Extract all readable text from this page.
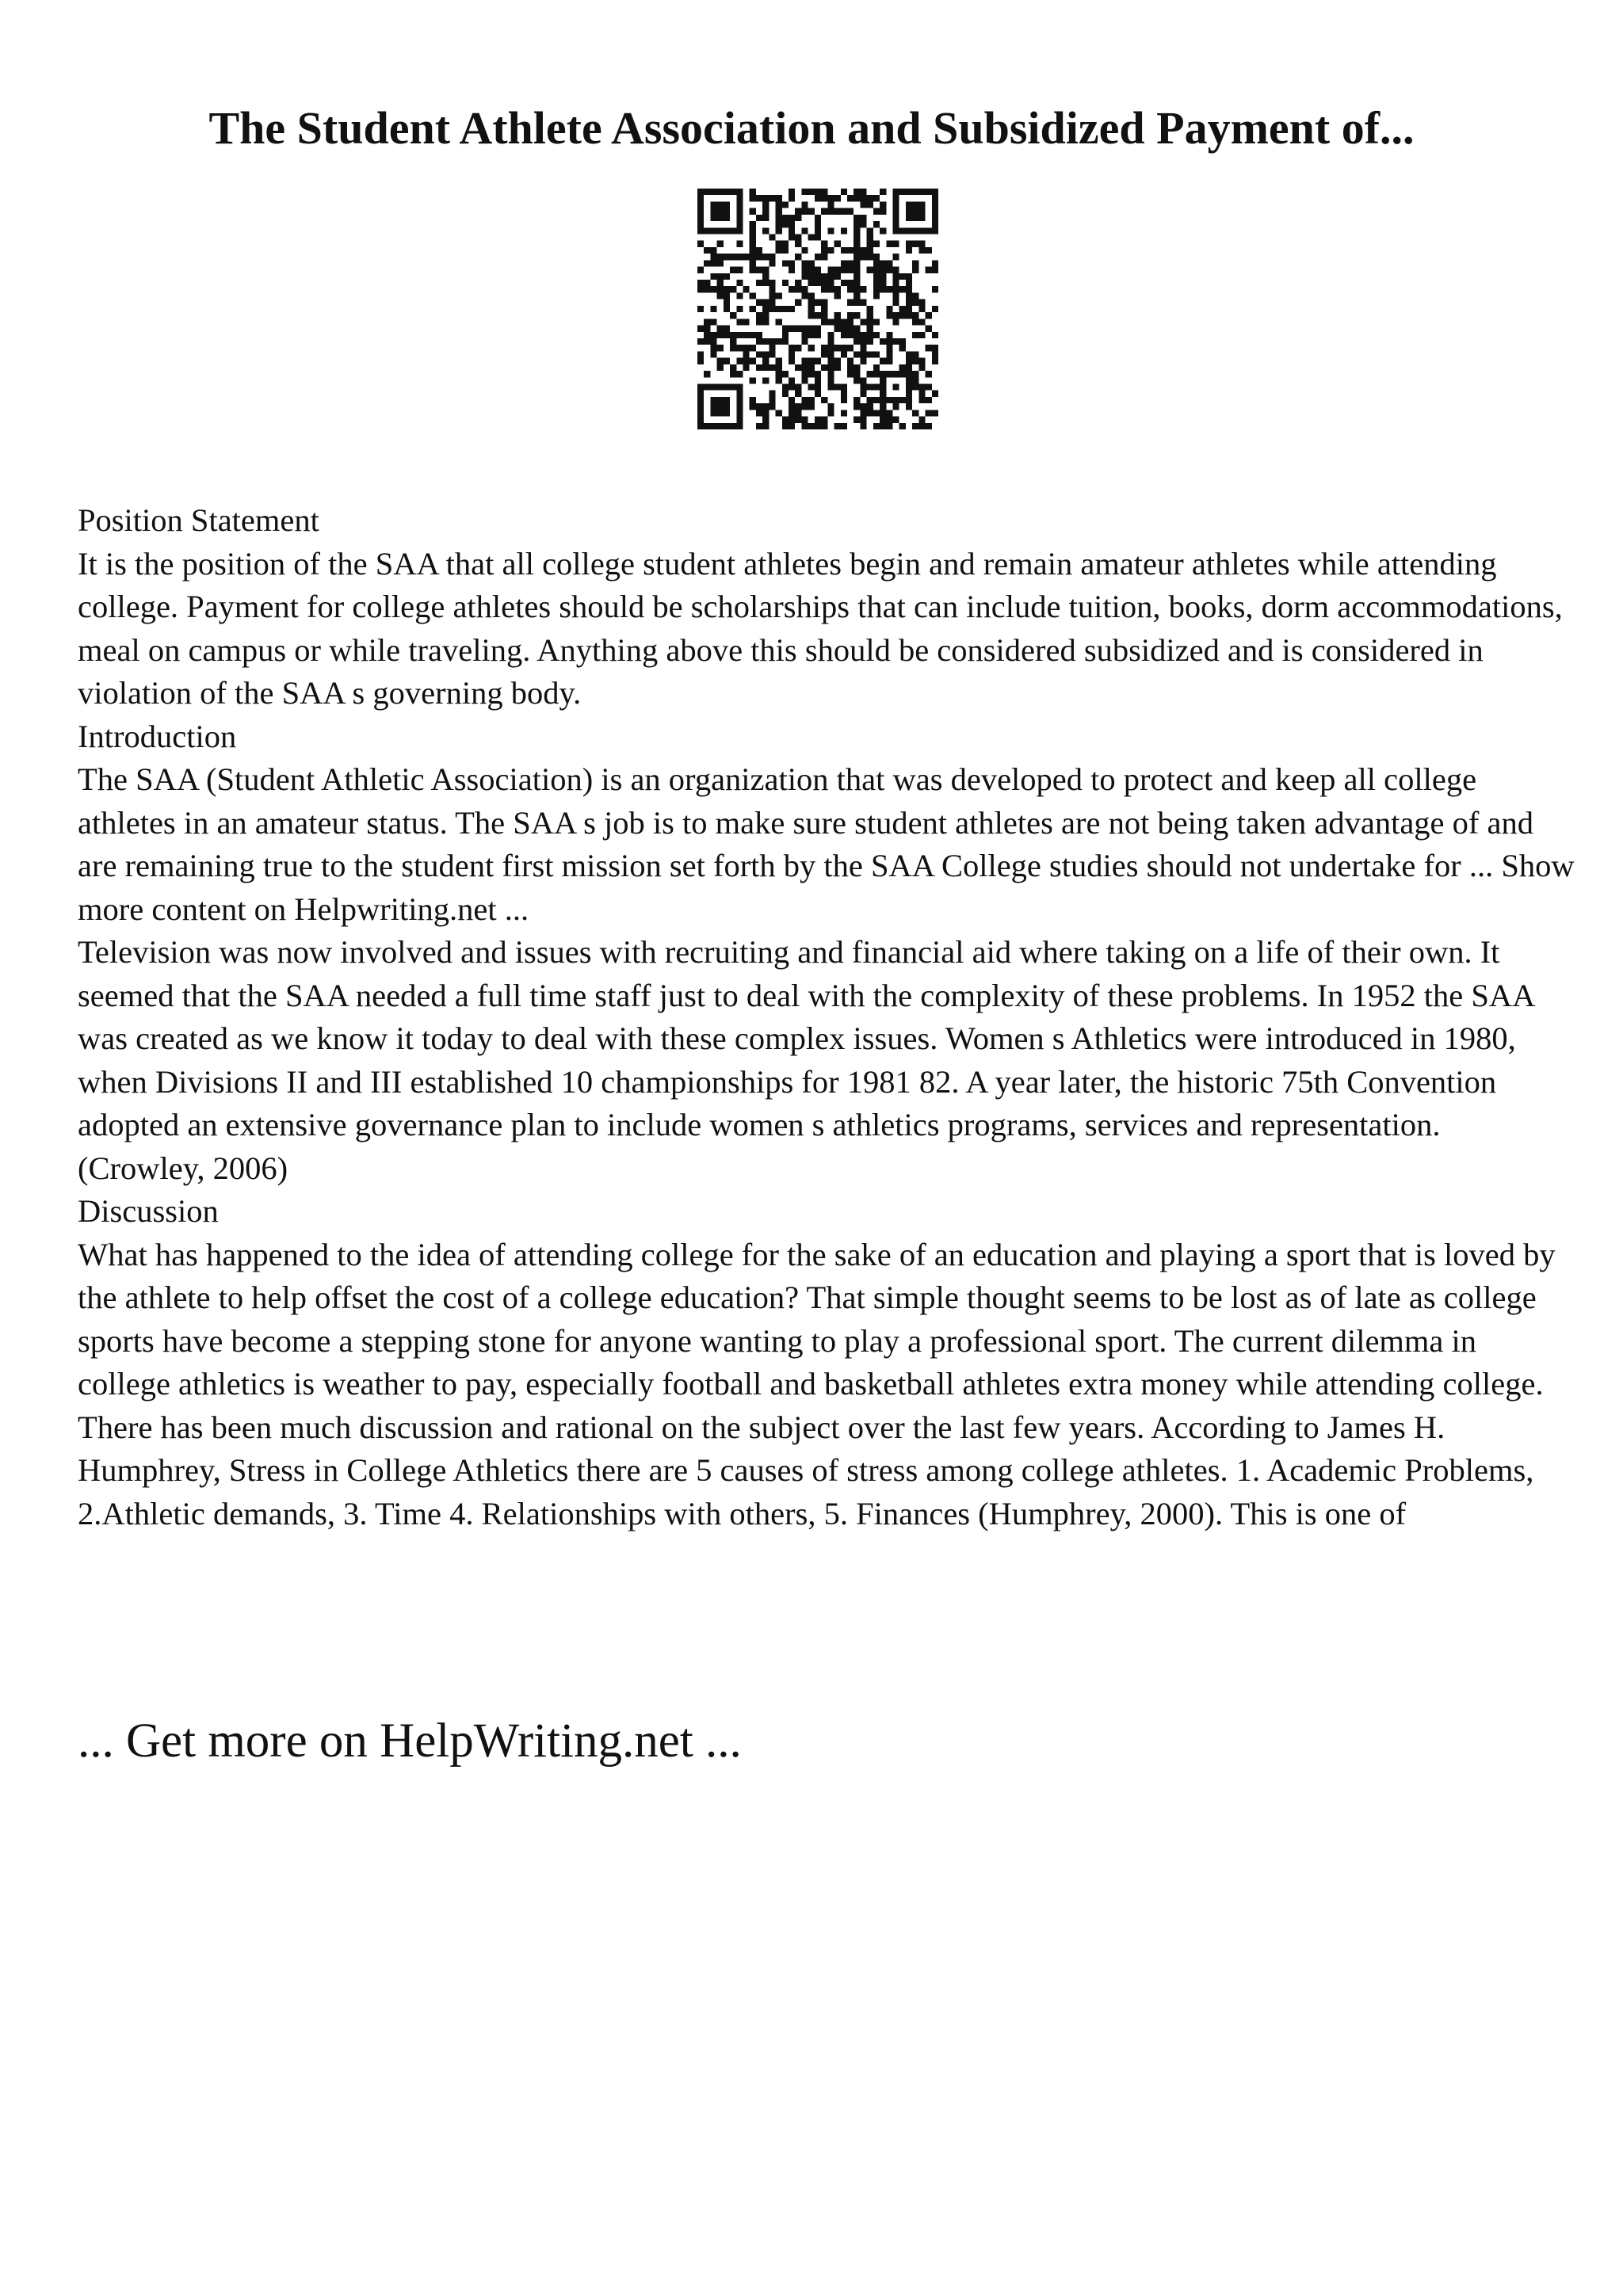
The Student Athlete Association and Subsidized Payment of...

Position Statement

It is the position of the SAA that all college student athletes begin and remain amateur athletes while attending college. Payment for college athletes should be scholarships that can include tuition, books, dorm accommodations, meal on campus or while traveling. Anything above this should be considered subsidized and is considered in violation of the SAA s governing body.

Introduction

The SAA (Student Athletic Association) is an organization that was developed to protect and keep all college athletes in an amateur status. The SAA s job is to make sure student athletes are not being taken advantage of and are remaining true to the student first mission set forth by the SAA College studies should not undertake for ... Show more content on Helpwriting.net ...

Television was now involved and issues with recruiting and financial aid where taking on a life of their own. It seemed that the SAA needed a full time staff just to deal with the complexity of these problems. In 1952 the SAA was created as we know it today to deal with these complex issues. Women s Athletics were introduced in 1980, when Divisions II and III established 10 championships for 1981 82. A year later, the historic 75th Convention adopted an extensive governance plan to include women s athletics programs, services and representation. (Crowley, 2006)

Discussion

What has happened to the idea of attending college for the sake of an education and playing a sport that is loved by the athlete to help offset the cost of a college education? That simple thought seems to be lost as of late as college sports have become a stepping stone for anyone wanting to play a professional sport. The current dilemma in college athletics is weather to pay, especially football and basketball athletes extra money while attending college. There has been much discussion and rational on the subject over the last few years. According to James H. Humphrey, Stress in College Athletics there are 5 causes of stress among college athletes. 1. Academic Problems, 2.Athletic demands, 3. Time 4. Relationships with others, 5. Finances (Humphrey, 2000). This is one of

... Get more on HelpWriting.net ...
